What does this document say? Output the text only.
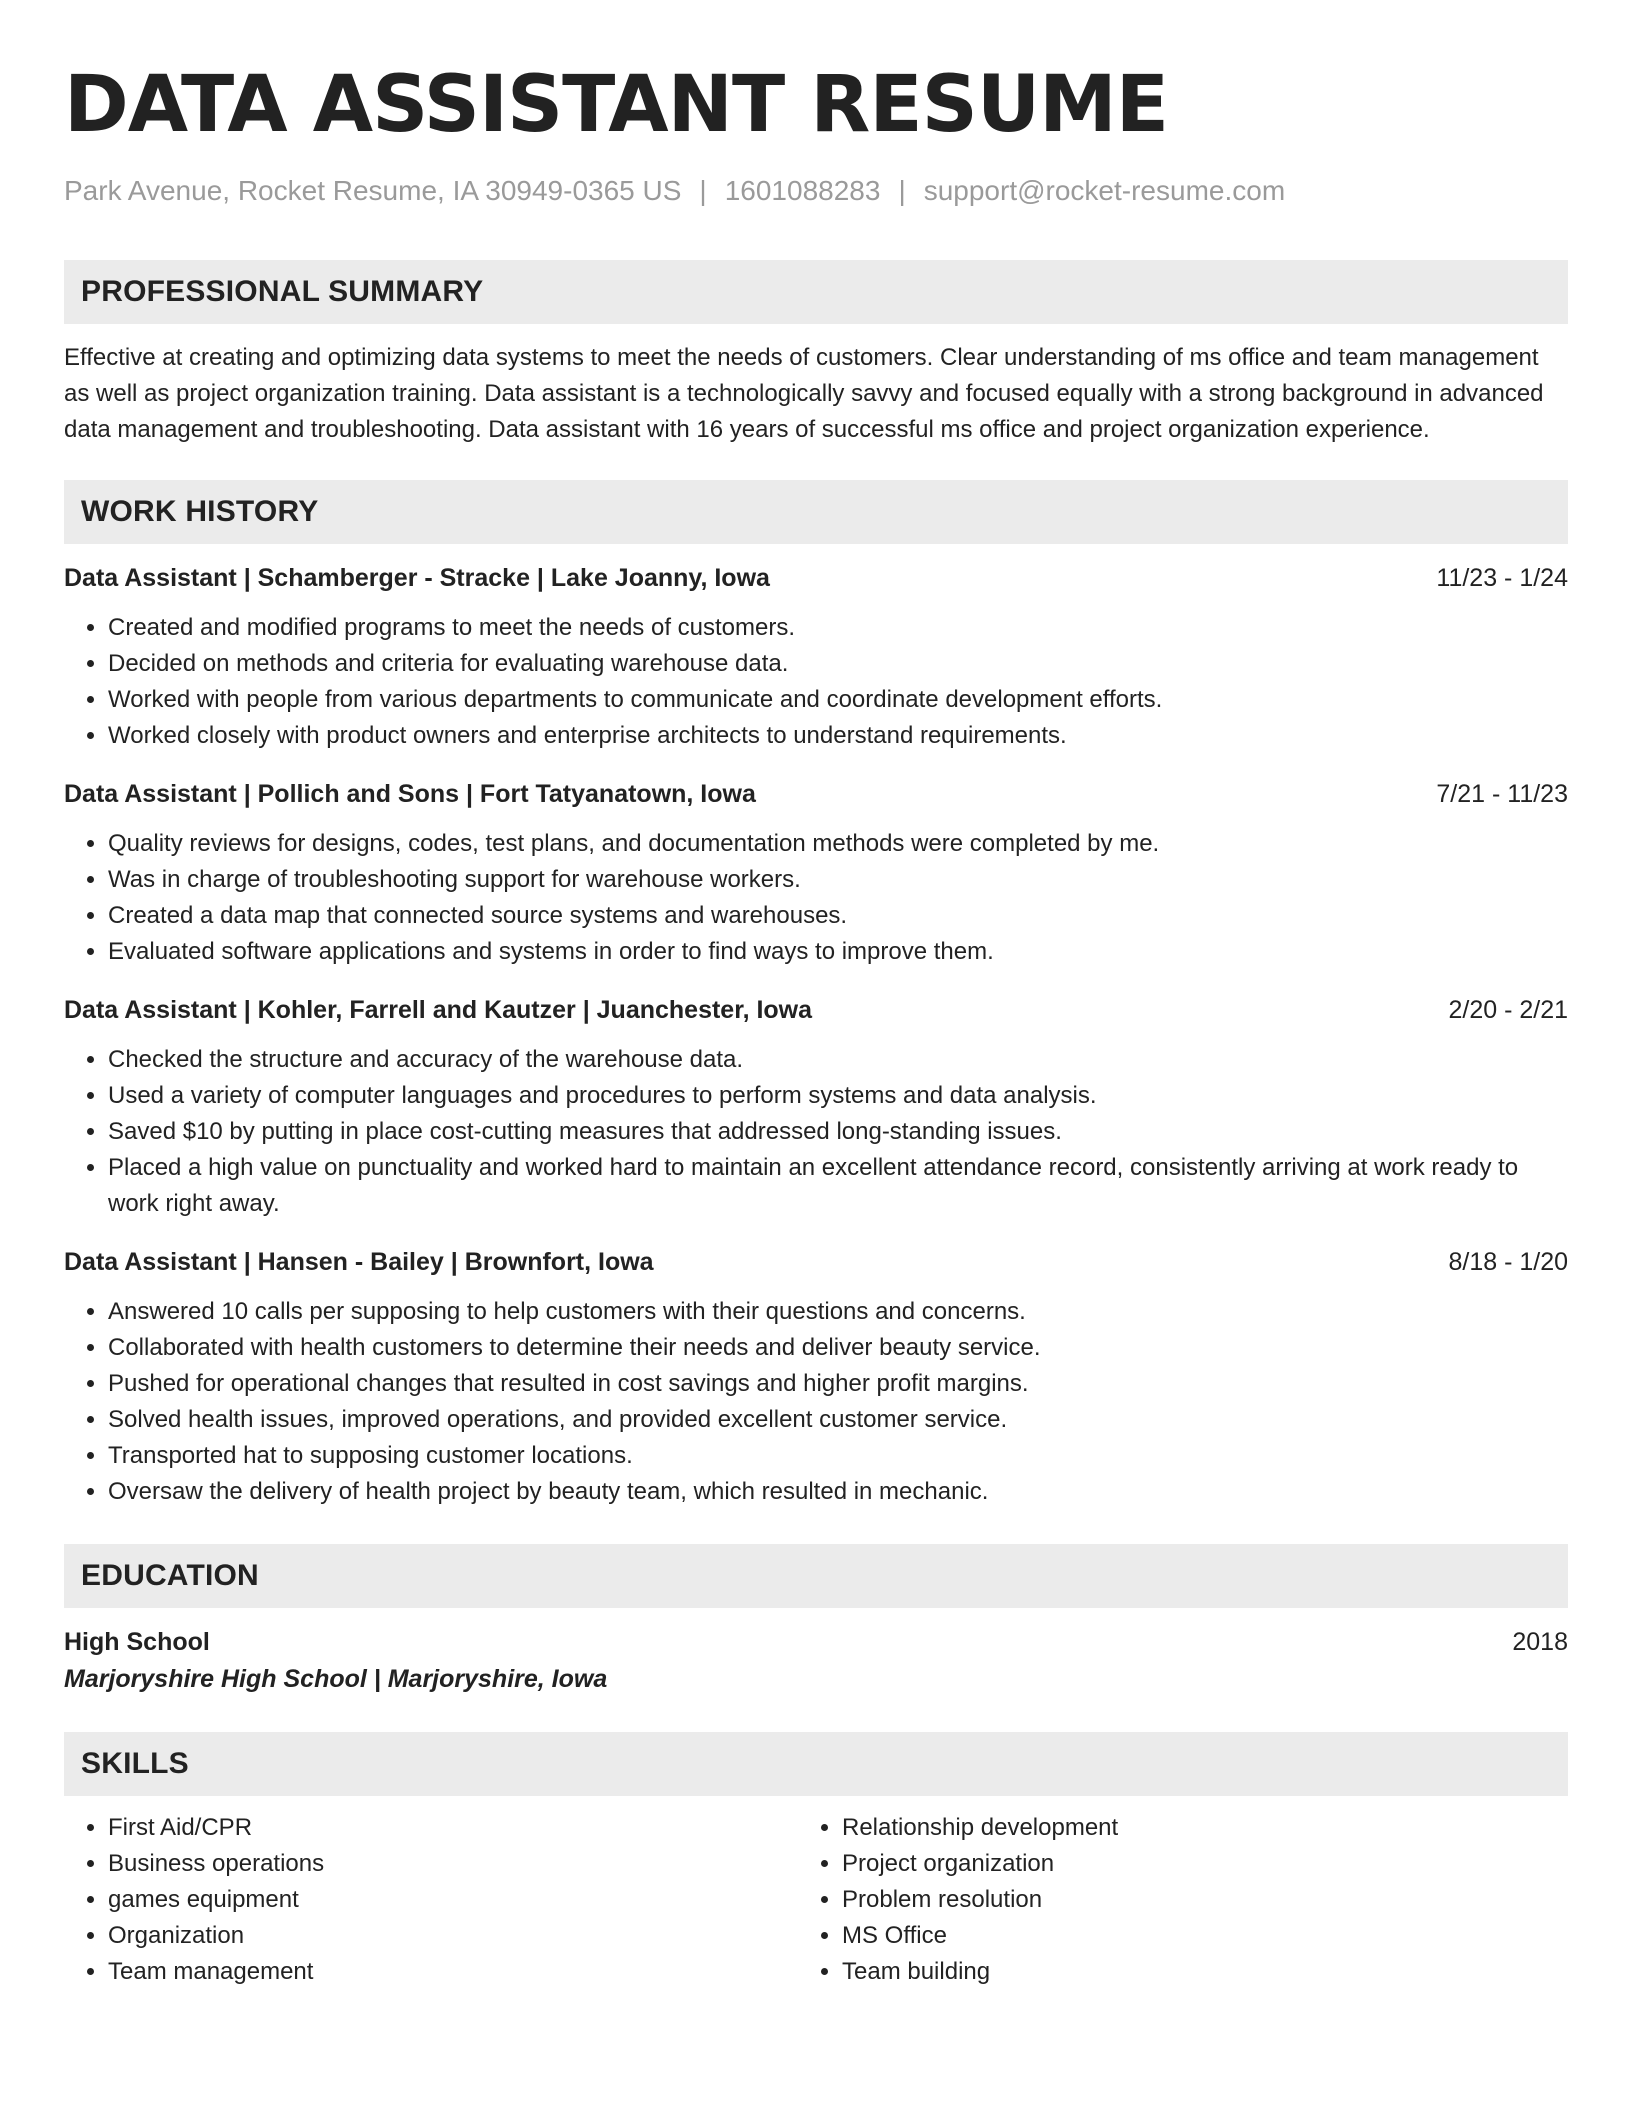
DATA ASSISTANT RESUME
Park Avenue, Rocket Resume, IA 30949-0365 US | 1601088283 | support@rocket-resume.com
PROFESSIONAL SUMMARY
Effective at creating and optimizing data systems to meet the needs of customers. Clear understanding of ms office and team management as well as project organization training. Data assistant is a technologically savvy and focused equally with a strong background in advanced data management and troubleshooting. Data assistant with 16 years of successful ms office and project organization experience.
WORK HISTORY
Data Assistant | Schamberger - Stracke | Lake Joanny, Iowa	11/23 - 1/24
• Created and modified programs to meet the needs of customers.
• Decided on methods and criteria for evaluating warehouse data.
• Worked with people from various departments to communicate and coordinate development efforts.
• Worked closely with product owners and enterprise architects to understand requirements.
Data Assistant | Pollich and Sons | Fort Tatyanatown, Iowa	7/21 - 11/23
• Quality reviews for designs, codes, test plans, and documentation methods were completed by me.
• Was in charge of troubleshooting support for warehouse workers.
• Created a data map that connected source systems and warehouses.
• Evaluated software applications and systems in order to find ways to improve them.
Data Assistant | Kohler, Farrell and Kautzer | Juanchester, Iowa	2/20 - 2/21
• Checked the structure and accuracy of the warehouse data.
• Used a variety of computer languages and procedures to perform systems and data analysis.
• Saved $10 by putting in place cost-cutting measures that addressed long-standing issues.
• Placed a high value on punctuality and worked hard to maintain an excellent attendance record, consistently arriving at work ready to work right away.
Data Assistant | Hansen - Bailey | Brownfort, Iowa	8/18 - 1/20
• Answered 10 calls per supposing to help customers with their questions and concerns.
• Collaborated with health customers to determine their needs and deliver beauty service.
• Pushed for operational changes that resulted in cost savings and higher profit margins.
• Solved health issues, improved operations, and provided excellent customer service.
• Transported hat to supposing customer locations.
• Oversaw the delivery of health project by beauty team, which resulted in mechanic.
EDUCATION
High School	2018
Marjoryshire High School | Marjoryshire, Iowa
SKILLS
• First Aid/CPR
• Business operations
• games equipment
• Organization
• Team management
• Relationship development
• Project organization
• Problem resolution
• MS Office
• Team building
